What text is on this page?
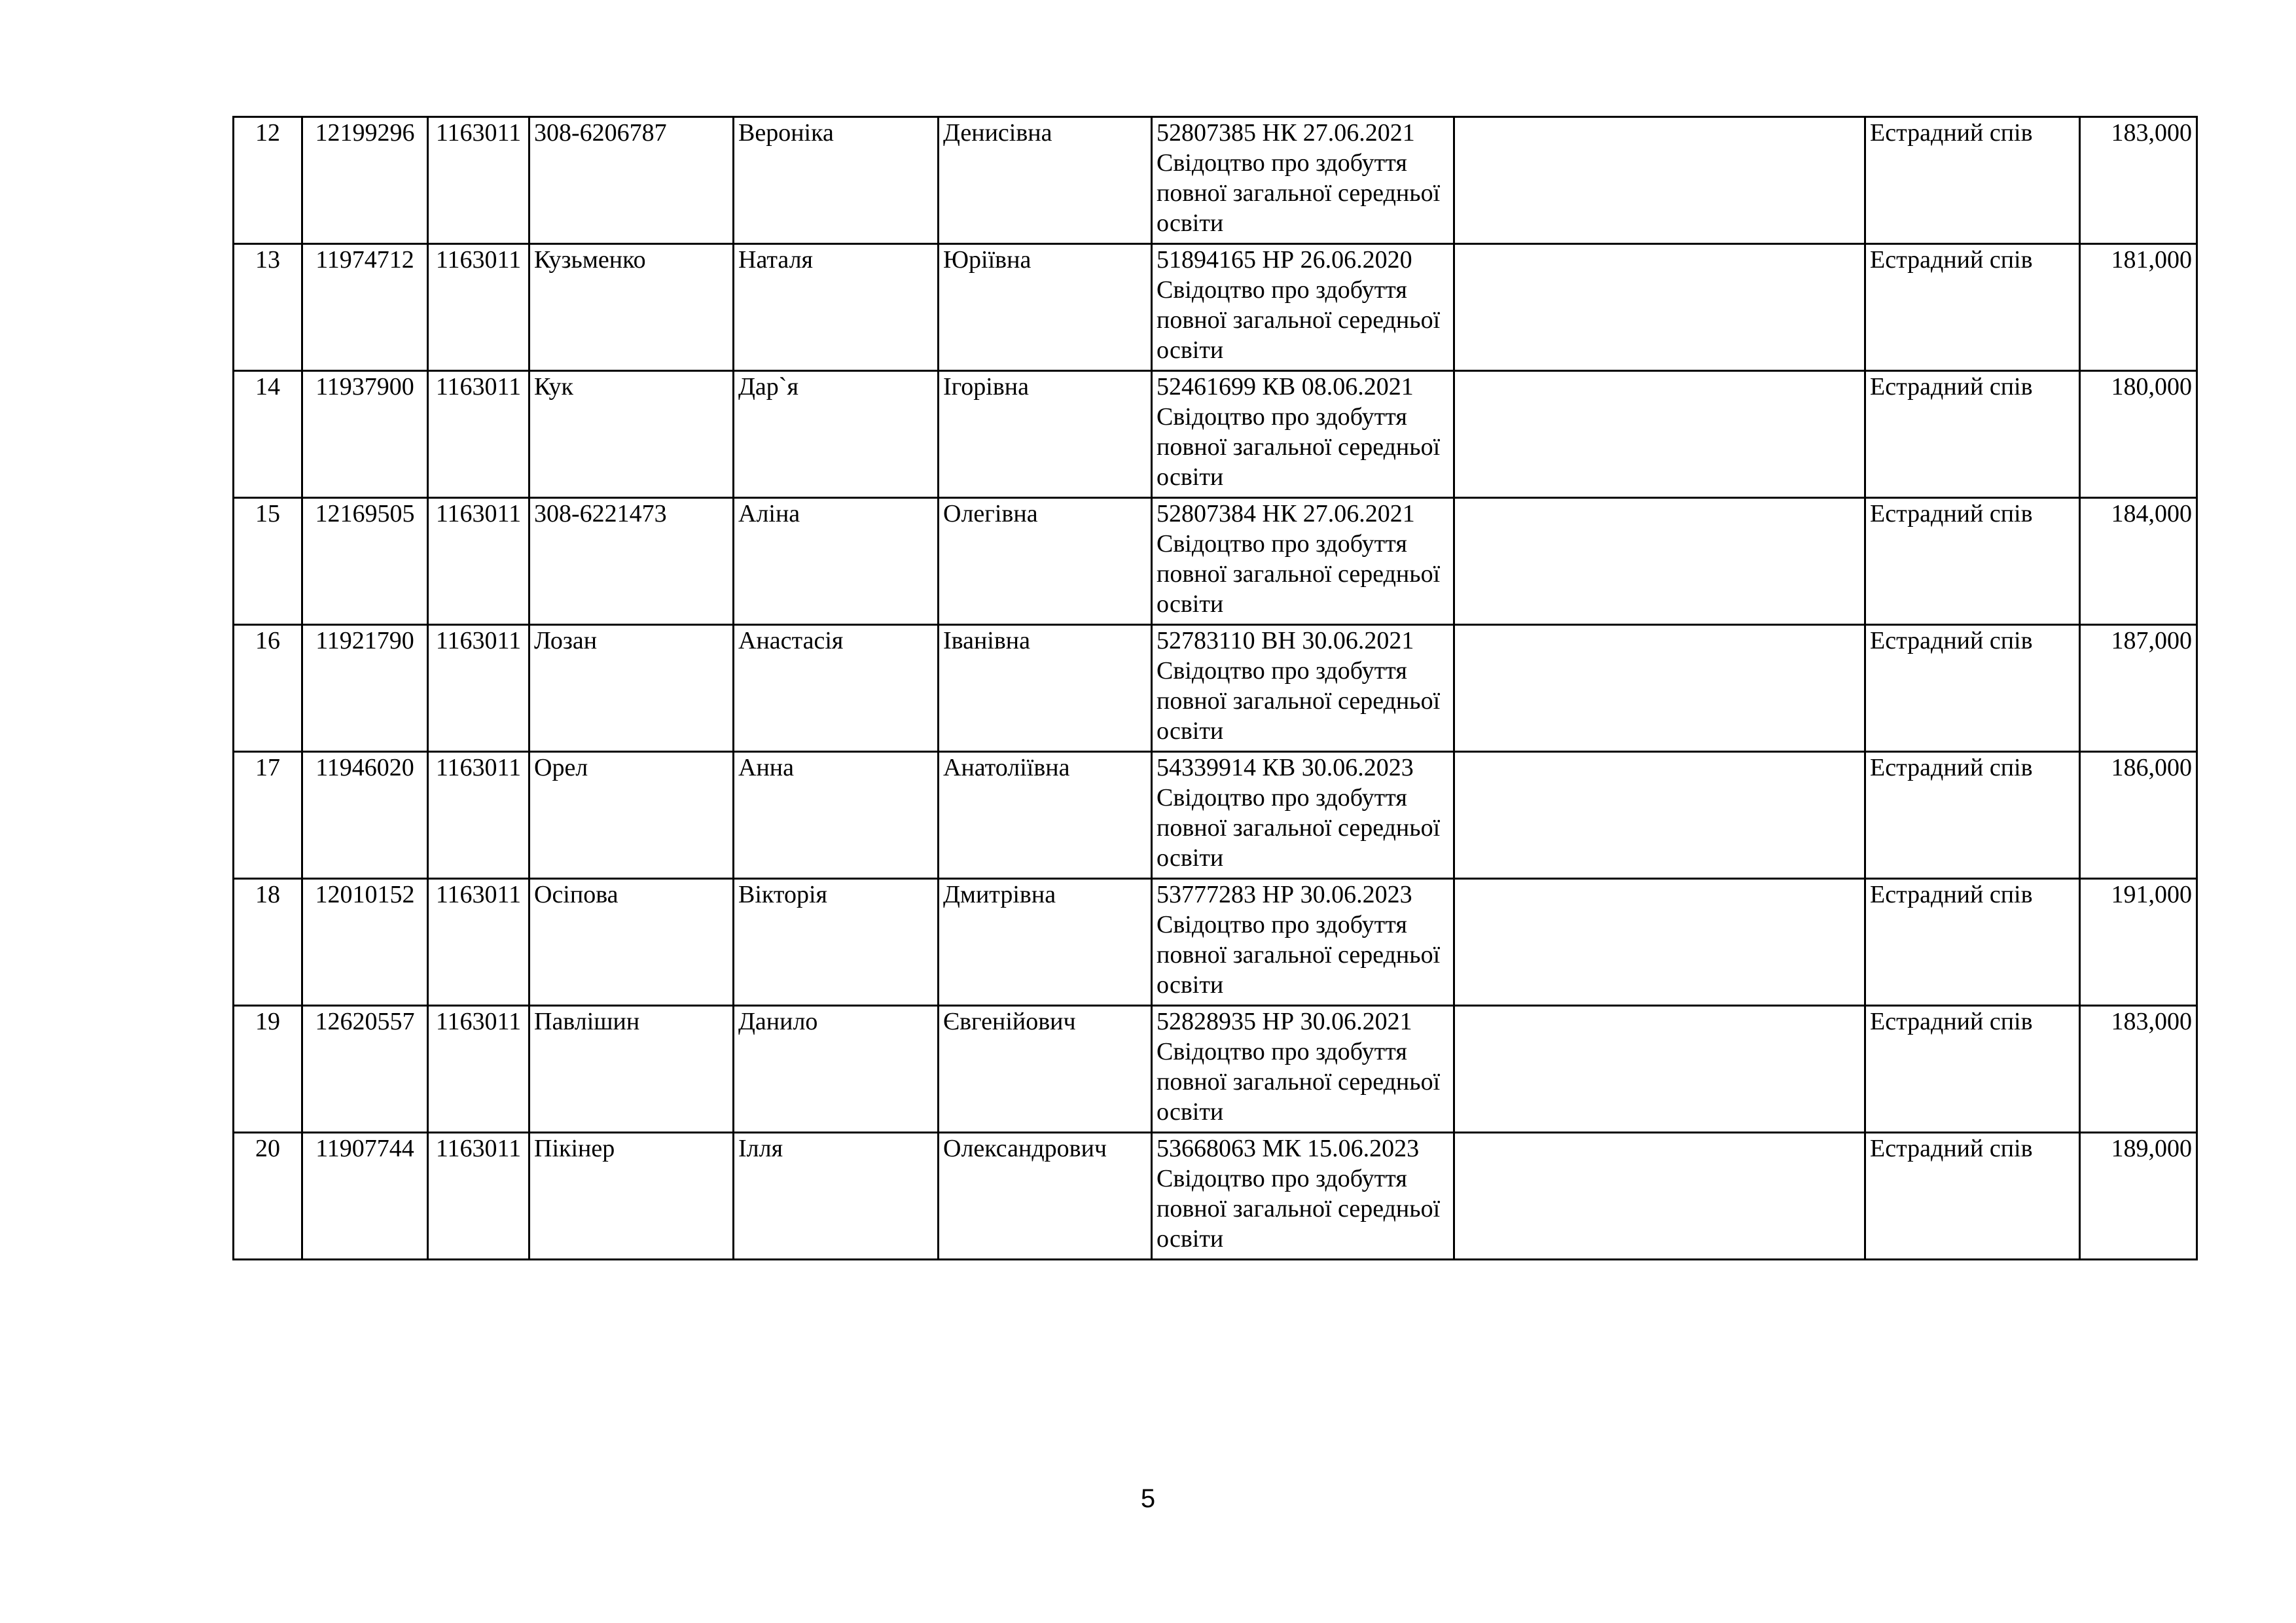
12	12199296	1163011	308-6206787	Вероніка	Денисівна	52807385 НК 27.06.2021
Свідоцтво про здобуття повної загальної середньої освіти		Естрадний спів	183,000
13	11974712	1163011	Кузьменко	Наталя	Юріївна	51894165 НР 26.06.2020
Свідоцтво про здобуття повної загальної середньої освіти		Естрадний спів	181,000
14	11937900	1163011	Кук	Дар`я	Ігорівна	52461699 КВ 08.06.2021
Свідоцтво про здобуття повної загальної середньої освіти		Естрадний спів	180,000
15	12169505	1163011	308-6221473	Аліна	Олегівна	52807384 НК 27.06.2021
Свідоцтво про здобуття повної загальної середньої освіти		Естрадний спів	184,000
16	11921790	1163011	Лозан	Анастасія	Іванівна	52783110 ВН 30.06.2021
Свідоцтво про здобуття повної загальної середньої освіти		Естрадний спів	187,000
17	11946020	1163011	Орел	Анна	Анатоліївна	54339914 КВ 30.06.2023
Свідоцтво про здобуття повної загальної середньої освіти		Естрадний спів	186,000
18	12010152	1163011	Осіпова	Вікторія	Дмитрівна	53777283 НР 30.06.2023
Свідоцтво про здобуття повної загальної середньої освіти		Естрадний спів	191,000
19	12620557	1163011	Павлішин	Данило	Євгенійович	52828935 НР 30.06.2021
Свідоцтво про здобуття повної загальної середньої освіти		Естрадний спів	183,000
20	11907744	1163011	Пікінер	Ілля	Олександрович	53668063 МК 15.06.2023
Свідоцтво про здобуття повної загальної середньої освіти		Естрадний спів	189,000
5
